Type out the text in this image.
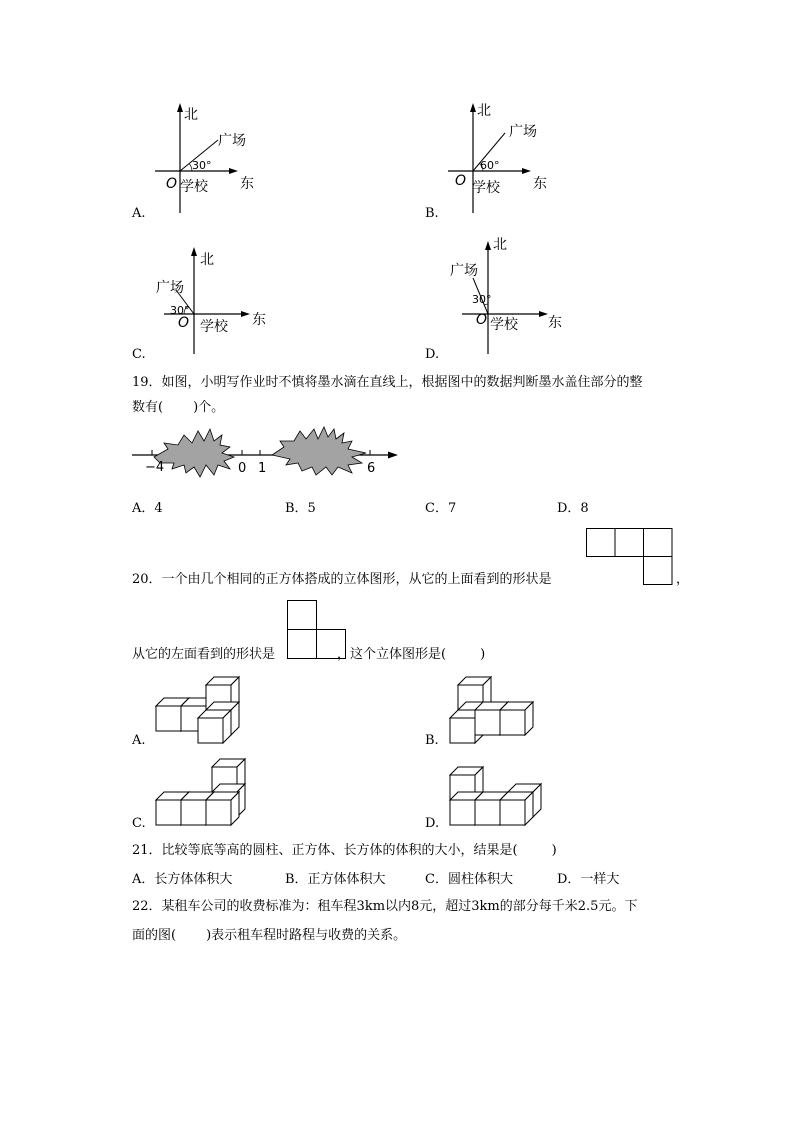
北
广场
30°
O 学校 东
A.
北
广场
60°
O 学校 东
B.
北
广场
30°
O 学校 东
C.
北
广场
30°
O 学校 东
D.
19．如图，小明写作业时不慎将墨水滴在直线上，根据图中的数据判断墨水盖住部分的整
数有( )个。
−4	0 1	6
A．4	B．5	C．7	D．8
20．一个由几个相同的正方体搭成的立体图形，从它的上面看到的形状是	，
从它的左面看到的形状是	，这个立体图形是(	)
A.	B.
C.	D.
21．比较等底等高的圆柱、正方体、长方体的体积的大小，结果是(	)
A．长方体体积大	B．正方体体积大	C．圆柱体积大	D．一样大
22．某租车公司的收费标准为：租车程3km以内8元，超过3km的部分每千米2.5元。下
面的图( )表示租车程时路程与收费的关系。
